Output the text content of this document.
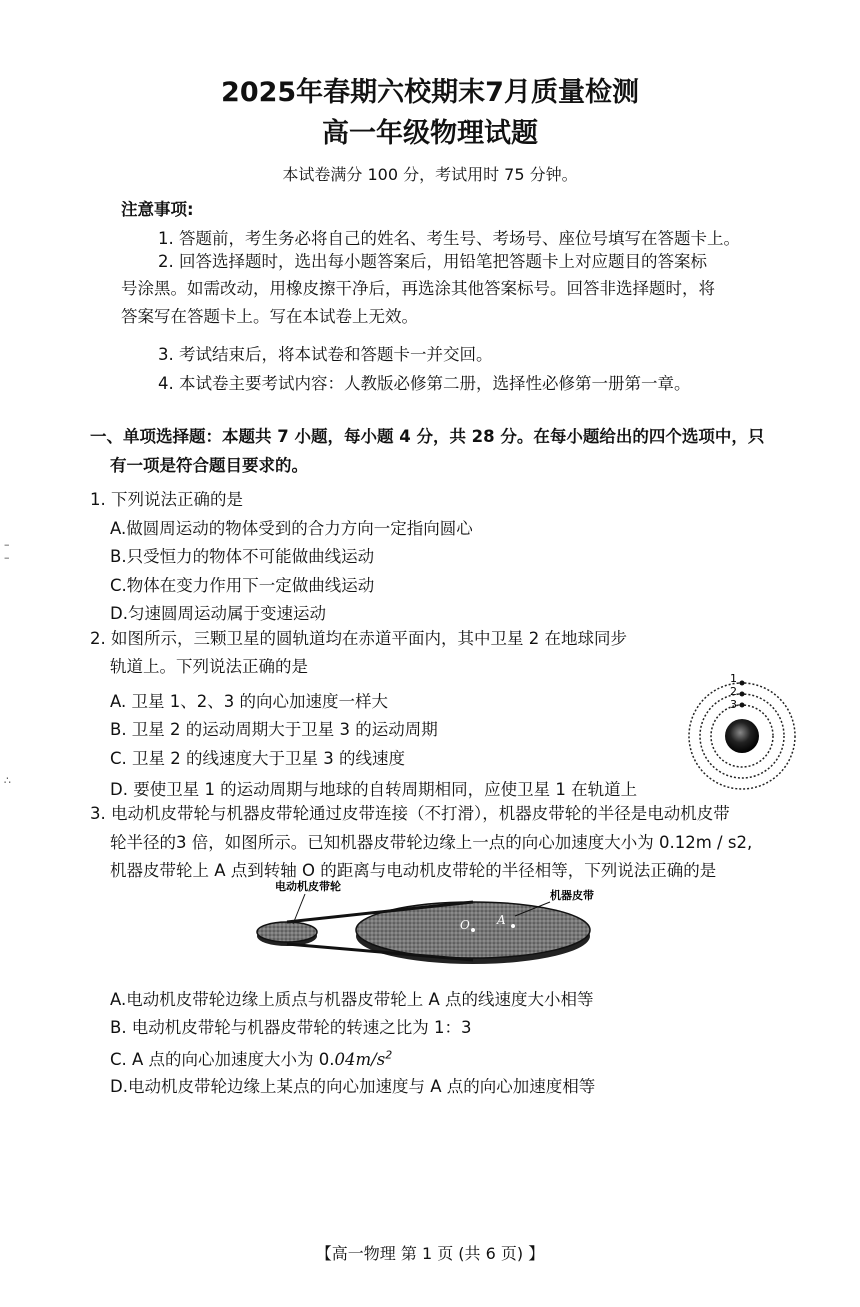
2025年春期六校期末7月质量检测
高一年级物理试题
本试卷满分 100 分，考试用时 75 分钟。
注意事项:
1. 答题前，考生务必将自己的姓名、考生号、考场号、座位号填写在答题卡上。
2. 回答选择题时，选出每小题答案后，用铅笔把答题卡上对应题目的答案标
号涂黑。如需改动，用橡皮擦干净后，再选涂其他答案标号。回答非选择题时，将
答案写在答题卡上。写在本试卷上无效。
3. 考试结束后，将本试卷和答题卡一并交回。
4. 本试卷主要考试内容：人教版必修第二册，选择性必修第一册第一章。
一、单项选择题：本题共 7 小题，每小题 4 分，共 28 分。在每小题给出的四个选项中，只
有一项是符合题目要求的。
1. 下列说法正确的是
A.做圆周运动的物体受到的合力方向一定指向圆心
B.只受恒力的物体不可能做曲线运动
C.物体在变力作用下一定做曲线运动
D.匀速圆周运动属于变速运动
–
–
2. 如图所示，三颗卫星的圆轨道均在赤道平面内，其中卫星 2 在地球同步
轨道上。下列说法正确的是
A. 卫星 1、2、3 的向心加速度一样大
B. 卫星 2 的运动周期大于卫星 3 的运动周期
C. 卫星 2 的线速度大于卫星 3 的线速度
D. 要使卫星 1 的运动周期与地球的自转周期相同，应使卫星 1 在轨道上
1
2
3
∴
3. 电动机皮带轮与机器皮带轮通过皮带连接（不打滑），机器皮带轮的半径是电动机皮带
轮半径的3 倍，如图所示。已知机器皮带轮边缘上一点的向心加速度大小为 0.12m / s2,
机器皮带轮上 A 点到转轴 O 的距离与电动机皮带轮的半径相等，下列说法正确的是
电动机皮带轮
机器皮带
O A
A.电动机皮带轮边缘上质点与机器皮带轮上 A 点的线速度大小相等
B. 电动机皮带轮与机器皮带轮的转速之比为 1：3
C. A 点的向心加速度大小为 $0.04m/s^2$
D.电动机皮带轮边缘上某点的向心加速度与 A 点的向心加速度相等
【高一物理 第 1 页 (共 6 页) 】
